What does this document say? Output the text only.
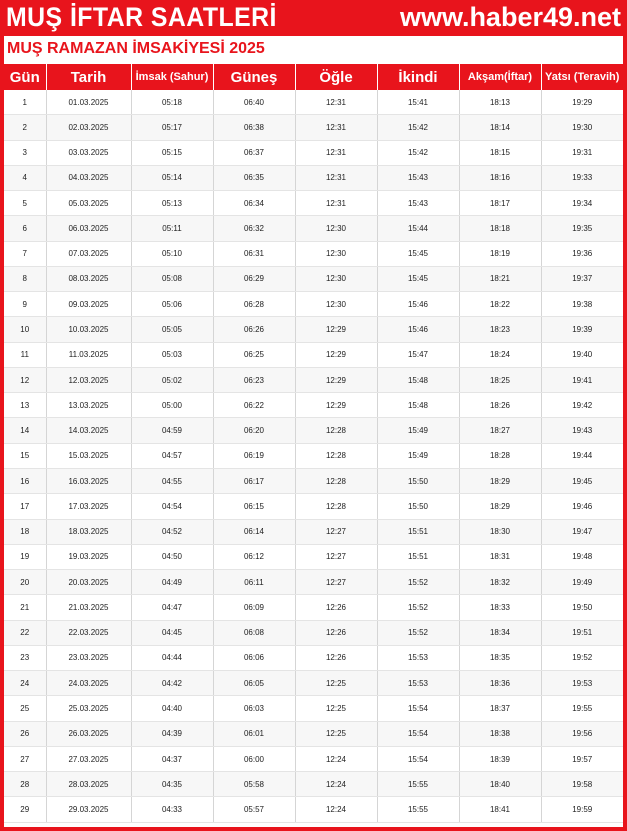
MUŞ İFTAR SAATLERİ	www.haber49.net
MUŞ RAMAZAN İMSAKİYESİ 2025
Gün	Tarih	İmsak (Sahur)	Güneş	Öğle	İkindi	Akşam(İftar)	Yatsı (Teravih)
1	01.03.2025	05:18	06:40	12:31	15:41	18:13	19:29
2	02.03.2025	05:17	06:38	12:31	15:42	18:14	19:30
3	03.03.2025	05:15	06:37	12:31	15:42	18:15	19:31
4	04.03.2025	05:14	06:35	12:31	15:43	18:16	19:33
5	05.03.2025	05:13	06:34	12:31	15:43	18:17	19:34
6	06.03.2025	05:11	06:32	12:30	15:44	18:18	19:35
7	07.03.2025	05:10	06:31	12:30	15:45	18:19	19:36
8	08.03.2025	05:08	06:29	12:30	15:45	18:21	19:37
9	09.03.2025	05:06	06:28	12:30	15:46	18:22	19:38
10	10.03.2025	05:05	06:26	12:29	15:46	18:23	19:39
11	11.03.2025	05:03	06:25	12:29	15:47	18:24	19:40
12	12.03.2025	05:02	06:23	12:29	15:48	18:25	19:41
13	13.03.2025	05:00	06:22	12:29	15:48	18:26	19:42
14	14.03.2025	04:59	06:20	12:28	15:49	18:27	19:43
15	15.03.2025	04:57	06:19	12:28	15:49	18:28	19:44
16	16.03.2025	04:55	06:17	12:28	15:50	18:29	19:45
17	17.03.2025	04:54	06:15	12:28	15:50	18:29	19:46
18	18.03.2025	04:52	06:14	12:27	15:51	18:30	19:47
19	19.03.2025	04:50	06:12	12:27	15:51	18:31	19:48
20	20.03.2025	04:49	06:11	12:27	15:52	18:32	19:49
21	21.03.2025	04:47	06:09	12:26	15:52	18:33	19:50
22	22.03.2025	04:45	06:08	12:26	15:52	18:34	19:51
23	23.03.2025	04:44	06:06	12:26	15:53	18:35	19:52
24	24.03.2025	04:42	06:05	12:25	15:53	18:36	19:53
25	25.03.2025	04:40	06:03	12:25	15:54	18:37	19:55
26	26.03.2025	04:39	06:01	12:25	15:54	18:38	19:56
27	27.03.2025	04:37	06:00	12:24	15:54	18:39	19:57
28	28.03.2025	04:35	05:58	12:24	15:55	18:40	19:58
29	29.03.2025	04:33	05:57	12:24	15:55	18:41	19:59
